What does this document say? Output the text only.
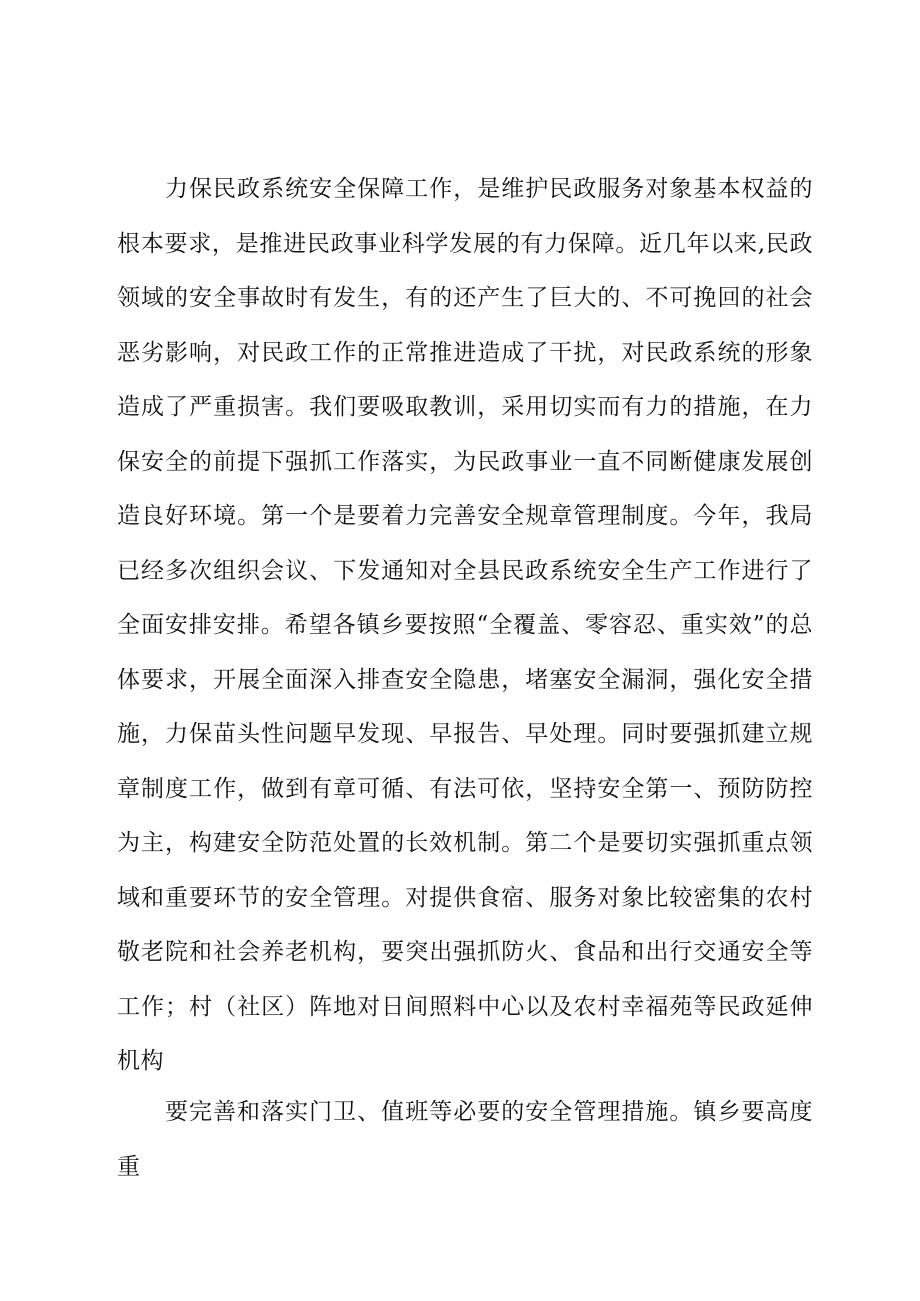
力保民政系统安全保障工作，是维护民政服务对象基本权益的根本要求，是推进民政事业科学发展的有力保障。近几年以来,民政领域的安全事故时有发生，有的还产生了巨大的、不可挽回的社会恶劣影响，对民政工作的正常推进造成了干扰，对民政系统的形象造成了严重损害。我们要吸取教训，采用切实而有力的措施，在力保安全的前提下强抓工作落实，为民政事业一直不同断健康发展创造良好环境。第一个是要着力完善安全规章管理制度。今年，我局已经多次组织会议、下发通知对全县民政系统安全生产工作进行了全面安排安排。希望各镇乡要按照“全覆盖、零容忍、重实效”的总体要求，开展全面深入排查安全隐患，堵塞安全漏洞，强化安全措施，力保苗头性问题早发现、早报告、早处理。同时要强抓建立规章制度工作，做到有章可循、有法可依，坚持安全第一、预防防控为主，构建安全防范处置的长效机制。第二个是要切实强抓重点领域和重要环节的安全管理。对提供食宿、服务对象比较密集的农村敬老院和社会养老机构，要突出强抓防火、食品和出行交通安全等工作；村（社区）阵地对日间照料中心以及农村幸福苑等民政延伸机构

要完善和落实门卫、值班等必要的安全管理措施。镇乡要高度重
